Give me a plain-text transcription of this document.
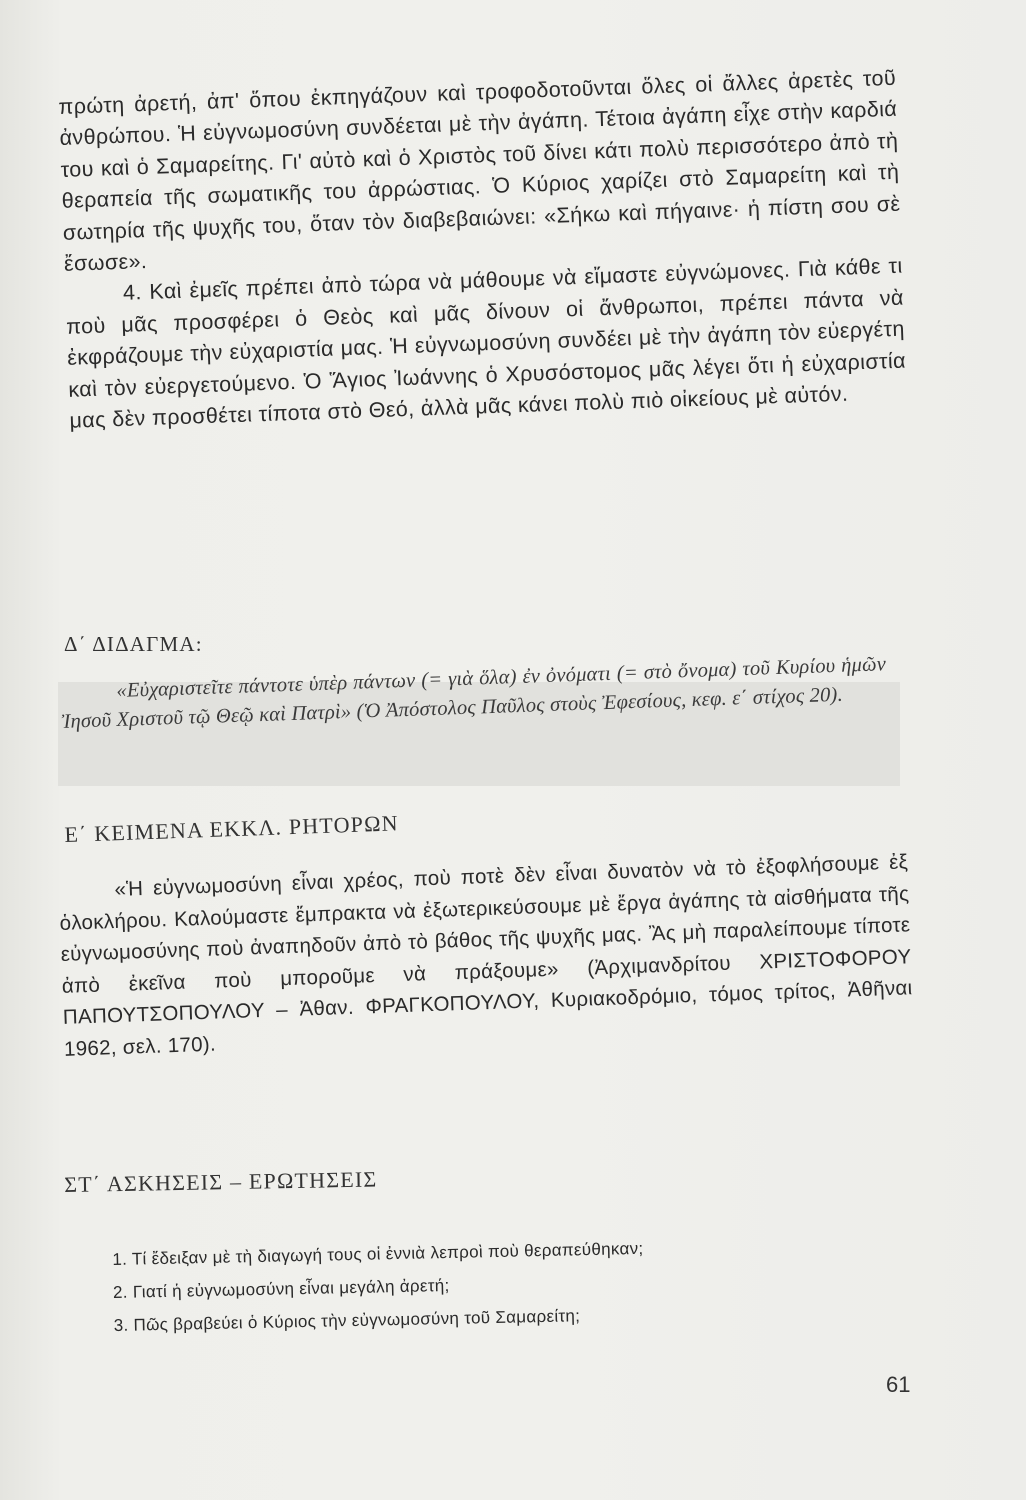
πρώτη ἀρετή, ἀπ' ὅπου ἐκπηγάζουν καὶ τροφοδοτοῦνται ὅλες οἱ ἄλλες ἀρετὲς τοῦ ἀνθρώπου. Ἡ εὐγνωμοσύνη συνδέεται μὲ τὴν ἀγάπη. Τέτοια ἀγάπη εἶχε στὴν καρδιά του καὶ ὁ Σαμαρείτης. Γι' αὐτὸ καὶ ὁ Χριστὸς τοῦ δίνει κάτι πολὺ περισσότερο ἀπὸ τὴ θεραπεία τῆς σωματικῆς του ἀρρώστιας. Ὁ Κύριος χαρίζει στὸ Σαμαρείτη καὶ τὴ σωτηρία τῆς ψυχῆς του, ὅταν τὸν διαβεβαιώνει: «Σήκω καὶ πήγαινε· ἡ πίστη σου σὲ ἔσωσε».

4. Καὶ ἐμεῖς πρέπει ἀπὸ τώρα νὰ μάθουμε νὰ εἴμαστε εὐγνώμονες. Γιὰ κάθε τι ποὺ μᾶς προσφέρει ὁ Θεὸς καὶ μᾶς δίνουν οἱ ἄνθρωποι, πρέπει πάντα νὰ ἐκφράζουμε τὴν εὐχαριστία μας. Ἡ εὐγνωμοσύνη συνδέει μὲ τὴν ἀγάπη τὸν εὐεργέτη καὶ τὸν εὐεργετούμενο. Ὁ Ἅγιος Ἰωάννης ὁ Χρυσόστομος μᾶς λέγει ὅτι ἡ εὐχαριστία μας δὲν προσθέτει τίποτα στὸ Θεό, ἀλλὰ μᾶς κάνει πολὺ πιὸ οἰκείους μὲ αὐτόν.

Δ΄ ΔΙΔΑΓΜΑ:
«Εὐχαριστεῖτε πάντοτε ὑπὲρ πάντων (= γιὰ ὅλα) ἐν ὀνόματι (= στὸ ὄνομα) τοῦ Κυρίου ἡμῶν Ἰησοῦ Χριστοῦ τῷ Θεῷ καὶ Πατρὶ» (Ὁ Ἀπόστολος Παῦλος στοὺς Ἐφεσίους, κεφ. ε΄ στίχος 20).
Ε΄ ΚΕΙΜΕΝΑ ΕΚΚΛ. ΡΗΤΟΡΩΝ
«Ἡ εὐγνωμοσύνη εἶναι χρέος, ποὺ ποτὲ δὲν εἶναι δυνατὸν νὰ τὸ ἐξοφλήσουμε ἐξ ὁλοκλήρου. Καλούμαστε ἔμπρακτα νὰ ἐξωτερικεύσουμε μὲ ἔργα ἀγάπης τὰ αἰσθήματα τῆς εὐγνωμοσύνης ποὺ ἀναπηδοῦν ἀπὸ τὸ βάθος τῆς ψυχῆς μας. Ἂς μὴ παραλείπουμε τίποτε ἀπὸ ἐκεῖνα ποὺ μποροῦμε νὰ πράξουμε» (Ἀρχιμανδρίτου ΧΡΙΣΤΟΦΟΡΟΥ ΠΑΠΟΥΤΣΟΠΟΥΛΟΥ – Ἀθαν. ΦΡΑΓΚΟΠΟΥΛΟΥ, Κυριακοδρόμιο, τόμος τρίτος, Ἀθῆναι 1962, σελ. 170).
ΣΤ΄ ΑΣΚΗΣΕΙΣ – ΕΡΩΤΗΣΕΙΣ
1. Τί ἔδειξαν μὲ τὴ διαγωγή τους οἱ ἐννιὰ λεπροὶ ποὺ θεραπεύθηκαν;
2. Γιατί ἡ εὐγνωμοσύνη εἶναι μεγάλη ἀρετή;
3. Πῶς βραβεύει ὁ Κύριος τὴν εὐγνωμοσύνη τοῦ Σαμαρείτη;
61
